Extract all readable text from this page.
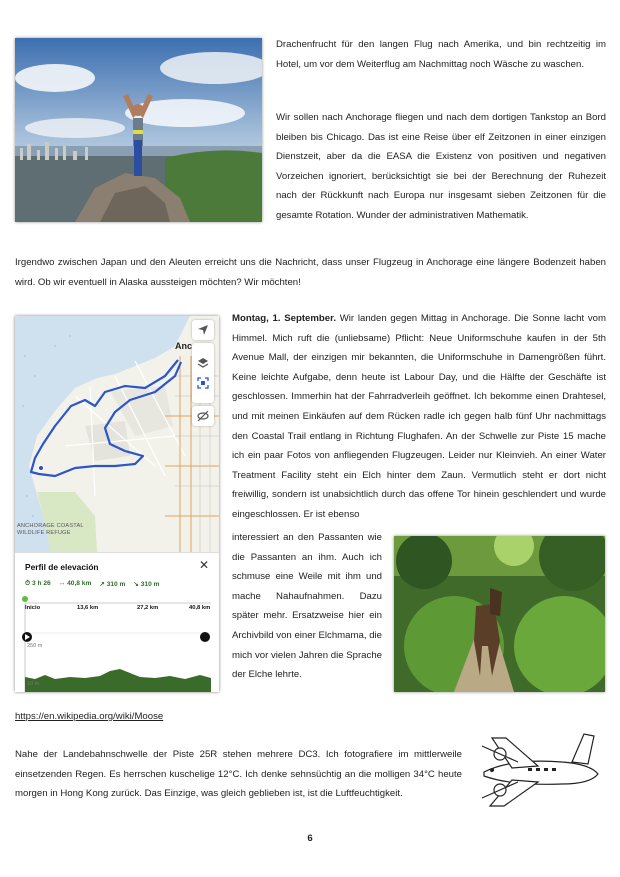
Drachenfrucht für den langen Flug nach Amerika, und bin rechtzeitig im Hotel, um vor dem Weiterflug am Nachmittag noch Wäsche zu waschen.

Wir sollen nach Anchorage fliegen und nach dem dortigen Tankstop an Bord bleiben bis Chicago. Das ist eine Reise über elf Zeitzonen in einer einzigen Dienstzeit, aber da die EASA die Existenz von positiven und negativen Vorzeichen ignoriert, berücksichtigt sie bei der Berechnung der Ruhezeit nach der Rückkunft nach Europa nur insgesamt sieben Zeitzonen für die gesamte Rotation. Wunder der administrativen Mathematik.

Irgendwo zwischen Japan und den Aleuten erreicht uns die Nachricht, dass unser Flugzeug in Anchorage eine längere Bodenzeit haben wird. Ob wir eventuell in Alaska aussteigen möchten? Wir möchten!

Anc
ANCHORAGE COASTAL
WILDLIFE REFUGE
Perfil de elevación	✕
⏱ 3 h 26 ↔ 40,8 km ↗ 310 m ↘ 310 m
Inicio	13,6 km	27,2 km	40,8 km
250 m
10 m

Montag, 1. September. Wir landen gegen Mittag in Anchorage. Die Sonne lacht vom Himmel. Mich ruft die (unliebsame) Pflicht: Neue Uniformschuhe kaufen in der 5th Avenue Mall, der einzigen mir bekannten, die Uniformschuhe in Damengrößen führt. Keine leichte Aufgabe, denn heute ist Labour Day, und die Hälfte der Geschäfte ist geschlossen. Immerhin hat der Fahrradverleih geöffnet. Ich bekomme einen Drahtesel, und mit meinen Einkäufen auf dem Rücken radle ich gegen halb fünf Uhr nachmittags den Coastal Trail entlang in Richtung Flughafen. An der Schwelle zur Piste 15 mache ich ein paar Fotos von anfliegenden Flugzeugen. Leider nur Kleinvieh. An einer Water Treatment Facility steht ein Elch hinter dem Zaun. Vermutlich steht er dort nicht freiwillig, sondern ist unabsichtlich durch das offene Tor hinein geschlendert und wurde eingeschlossen. Er ist ebenso

interessiert an den Passanten wie die Passanten an ihm. Auch ich schmuse eine Weile mit ihm und mache Nahaufnahmen. Dazu später mehr. Ersatzweise hier ein Archivbild von einer Elchmama, die mich vor vielen Jahren die Sprache der Elche lehrte.

https://en.wikipedia.org/wiki/Moose

Nahe der Landebahnschwelle der Piste 25R stehen mehrere DC3. Ich fotografiere im mittlerweile einsetzenden Regen. Es herrschen kuschelige 12°C. Ich denke sehnsüchtig an die molligen 34°C heute morgen in Hong Kong zurück. Das Einzige, was gleich geblieben ist, ist die Luftfeuchtigkeit.

6
